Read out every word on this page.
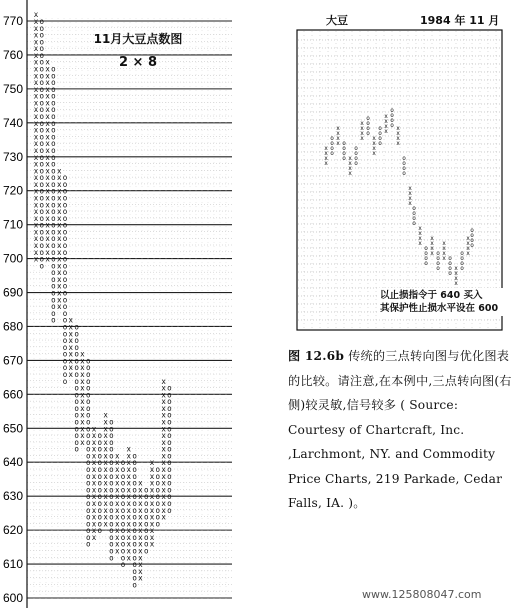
600
610
620
630
640
650
660
670
680
690
700
710
720
730
740
750
760
770
x
x
x
x
x
x
x
x
x
x
x
x
x
x
x
x
x
x
x
x
x
x
x
x
x
x
x
x
x
x
x
x
x
x
x
x
x
o
o
o
o
o
o
o
o
o
o
o
o
o
o
o
o
o
o
o
o
o
o
o
o
o
o
o
o
o
o
o
o
o
o
o
o
o
x
x
x
x
x
x
x
x
x
x
x
x
x
x
x
x
x
x
x
x
x
x
x
x
x
x
x
x
x
x
o
o
o
o
o
o
o
o
o
o
o
o
o
o
o
o
o
o
o
o
o
o
o
o
o
o
o
o
o
o
o
o
o
o
o
o
o
o
x
x
x
x
x
x
x
x
x
x
x
x
x
x
x
x
x
x
x
x
x
o
o
o
o
o
o
o
o
o
o
o
o
o
o
o
o
o
o
o
o
o
o
o
o
o
o
o
o
o
o
o
x
x
x
x
x
x
x
x
x
o
o
o
o
o
o
o
o
o
o
o
o
o
o
o
o
o
o
o
x
x
x
x
x
x
x
x
x
x
x
x
x
x
o
o
o
o
o
o
o
o
o
o
o
o
o
o
o
o
o
o
o
o
o
o
o
o
o
o
o
o
x
x
x
x
x
x
x
x
x
x
x
x
x
x
x
x
x
o
o
o
o
o
o
o
o
o
o
o
o
o
o
o
x
x
x
x
x
x
x
x
x
x
x
x
x
x
x
x
x
o
o
o
o
o
o
o
o
o
o
o
o
o
o
o
o
o
o
o
o
o
x
x
x
x
x
x
x
x
x
x
x
x
x
x
x
o
o
o
o
o
o
o
o
o
o
o
o
o
o
o
o
x
x
x
x
x
x
x
x
x
x
x
x
x
x
x
x
x
o
o
o
o
o
o
o
o
o
o
o
o
o
o
o
o
o
o
o
o
x
x
x
x
x
x
x
x
x
x
x
x
x
x
x
o
o
o
o
o
o
o
o
o
o
x
x
x
x
x
x
x
x
x
x
x
x
x
o
o
o
o
o
o
o
o
o
x
x
x
x
x
x
x
x
x
x
x
x
x
x
x
x
x
x
x
x
x
o
o
o
o
o
o
o
o
o
o
o
o
o
o
o
o
o
o
o
11月大豆点数图
2 × 8
x
x
x
x
o
o
o
o
x
x
x
x o
o
o
o x
x
x
x
o
o
o
o
x
x
x
x
o
o
o
o
x
x
x
x
o
o
o
o
x
x
x
x
o
o
o
o x
x
x
x
o
o
o
o
x
x
x
x
o
o
o
o
x
x
x
x
o
o
o
o
x
x
x
x o
o
o
o
x
x
x
x o
o
o
o
x
x
x
x
o
o
o
o
x
x
x
x
o
o
o
o
大豆	1984 年 11 月
以止损指令于 640 买入
其保护性止损水平设在 600
图 12.6b 传统的三点转向图与优化图表的比较。请注意,在本例中,三点转向图(右侧)较灵敏,信号较多 ( Source: Courtesy of Chartcraft, Inc. ,Larchmont, NY. and Commodity Price Charts, 219 Parkade, Cedar Falls, IA. )。
www.125808047.com
